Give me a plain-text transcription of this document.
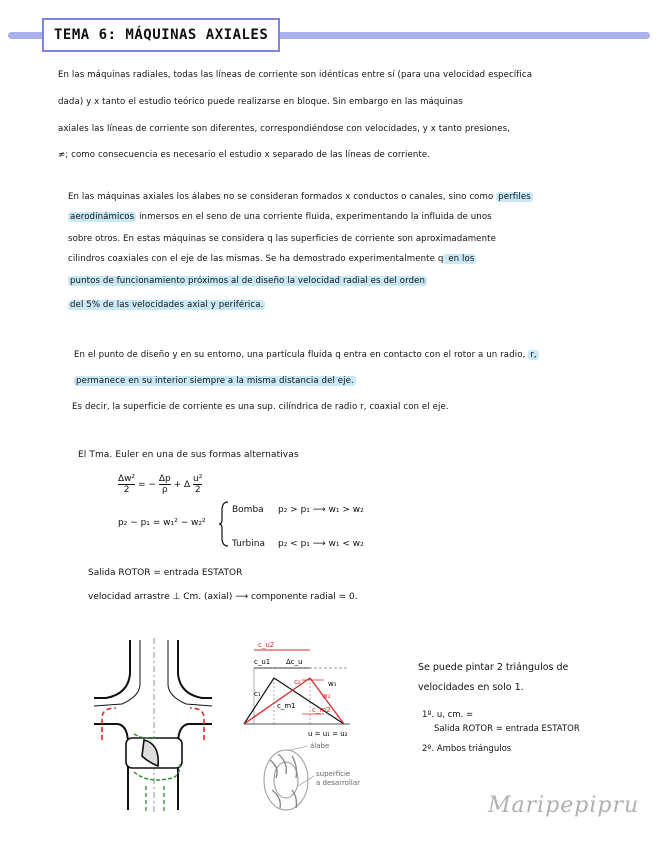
TEMA 6: MÁQUINAS AXIALES
En las máquinas radiales, todas las líneas de corriente son idénticas entre sí (para una velocidad específica
dada) y x tanto el estudio teórico puede realizarse en bloque. Sin embargo en las máquinas
axiales las líneas de corriente son diferentes, correspondiéndose con velocidades, y x tanto presiones,
≠; como consecuencia es necesario el estudio x separado de las líneas de corriente.
En las máquinas axiales los álabes no se consideran formados x conductos o canales, sino como perfiles
aerodinámicos inmersos en el seno de una corriente fluida, experimentando la influida de unos
sobre otros. En estas máquinas se considera q las superficies de corriente son aproximadamente
cilindros coaxiales con el eje de las mismas. Se ha demostrado experimentalmente q en los
puntos de funcionamiento próximos al de diseño la velocidad radial es del orden
del 5% de las velocidades axial y periférica.
En el punto de diseño y en su entorno, una partícula fluida q entra en contacto con el rotor a un radio, r,
permanece en su interior siempre a la misma distancia del eje.
Es decir, la superficie de corriente es una sup. cilíndrica de radio r, coaxial con el eje.
El Tma. Euler en una de sus formas alternativas
$\frac{\text{Δw²}}{2}$ = − $\frac{\Delta p}{\rho} + \Delta \frac{\text{u²}}{2}$
p₂ − p₁ = w₁² − w₂²
Bomba p₂ > p₁ ⟶ w₁ > w₂
Turbina p₂ < p₁ ⟶ w₁ < w₂
Salida ROTOR = entrada ESTATOR
velocidad arrastre ⊥ Cm. (axial) ⟶ componente radial = 0.
c_u2
c_u1 Δc_u
c₁
c_m1
c₂	w₁
w₂
c_m2
u = u₁ = u₂
álabe
superficie
a desarrollar
Se puede pintar 2 triángulos de
velocidades en solo 1.
1º. u, cm. =
Salida ROTOR = entrada ESTATOR
2º. Ambos triángulos
Maripepipru
